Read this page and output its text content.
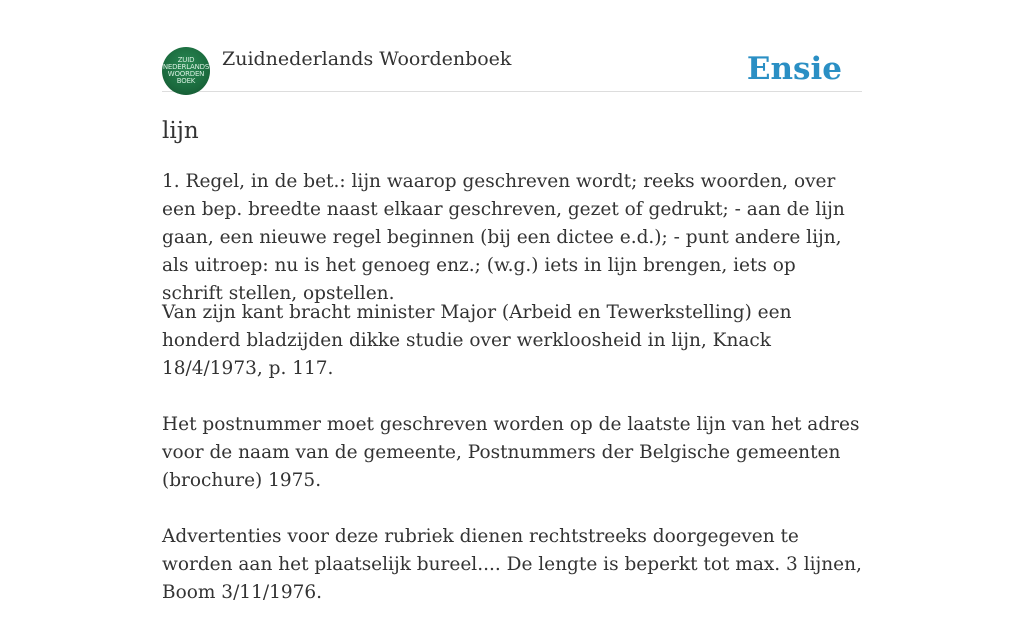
ZUID
NEDERLANDS
WOORDEN
BOEK
Zuidnederlands Woordenboek	Ensie
lijn

1. Regel, in de bet.: lijn waarop geschreven wordt; reeks woorden, over een bep. breedte naast elkaar geschreven, gezet of gedrukt; - aan de lijn gaan, een nieuwe regel beginnen (bij een dictee e.d.); - punt andere lijn, als uitroep: nu is het genoeg enz.; (w.g.) iets in lijn brengen, iets op schrift stellen, opstellen.

Van zijn kant bracht minister Major (Arbeid en Tewerkstelling) een honderd bladzijden dikke studie over werkloosheid in lijn, Knack 18/4/1973, p. 117.

Het postnummer moet geschreven worden op de laatste lijn van het adres voor de naam van de gemeente, Postnummers der Belgische gemeenten (brochure) 1975.

Advertenties voor deze rubriek dienen rechtstreeks doorgegeven te worden aan het plaatselijk bureel.... De lengte is beperkt tot max. 3 lijnen, Boom 3/11/1976.
